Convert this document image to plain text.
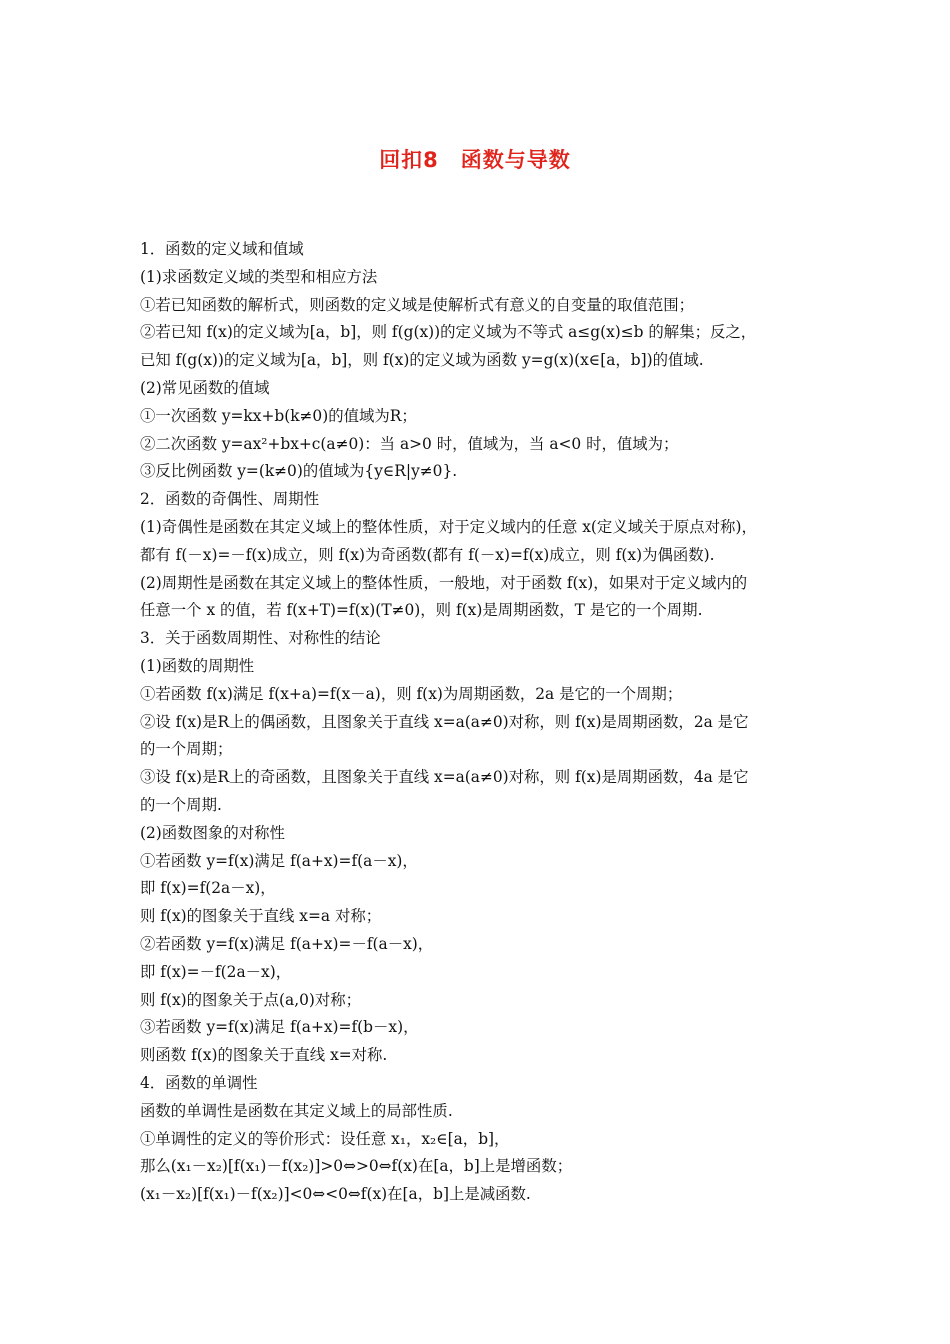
回扣8　函数与导数
1．函数的定义域和值域
(1)求函数定义域的类型和相应方法
①若已知函数的解析式，则函数的定义域是使解析式有意义的自变量的取值范围；
②若已知 f(x)的定义域为[a，b]，则 f(g(x))的定义域为不等式 a≤g(x)≤b 的解集；反之，
已知 f(g(x))的定义域为[a，b]，则 f(x)的定义域为函数 y=g(x)(x∈[a，b])的值域.
(2)常见函数的值域
①一次函数 y=kx+b(k≠0)的值域为R；
②二次函数 y=ax²+bx+c(a≠0)：当 a>0 时，值域为，当 a<0 时，值域为；
③反比例函数 y=(k≠0)的值域为{y∈R|y≠0}.
2．函数的奇偶性、周期性
(1)奇偶性是函数在其定义域上的整体性质，对于定义域内的任意 x(定义域关于原点对称)，
都有 f(－x)=－f(x)成立，则 f(x)为奇函数(都有 f(－x)=f(x)成立，则 f(x)为偶函数).
(2)周期性是函数在其定义域上的整体性质，一般地，对于函数 f(x)，如果对于定义域内的
任意一个 x 的值，若 f(x+T)=f(x)(T≠0)，则 f(x)是周期函数，T 是它的一个周期.
3．关于函数周期性、对称性的结论
(1)函数的周期性
①若函数 f(x)满足 f(x+a)=f(x－a)，则 f(x)为周期函数，2a 是它的一个周期；
②设 f(x)是R上的偶函数，且图象关于直线 x=a(a≠0)对称，则 f(x)是周期函数，2a 是它
的一个周期；
③设 f(x)是R上的奇函数，且图象关于直线 x=a(a≠0)对称，则 f(x)是周期函数，4a 是它
的一个周期.
(2)函数图象的对称性
①若函数 y=f(x)满足 f(a+x)=f(a－x)，
即 f(x)=f(2a－x)，
则 f(x)的图象关于直线 x=a 对称；
②若函数 y=f(x)满足 f(a+x)=－f(a－x)，
即 f(x)=－f(2a－x)，
则 f(x)的图象关于点(a,0)对称；
③若函数 y=f(x)满足 f(a+x)=f(b－x)，
则函数 f(x)的图象关于直线 x=对称.
4．函数的单调性
函数的单调性是函数在其定义域上的局部性质.
①单调性的定义的等价形式：设任意 x₁，x₂∈[a，b]，
那么(x₁－x₂)[f(x₁)－f(x₂)]>0⇔>0⇔f(x)在[a，b]上是增函数；
(x₁－x₂)[f(x₁)－f(x₂)]<0⇔<0⇔f(x)在[a，b]上是减函数.
